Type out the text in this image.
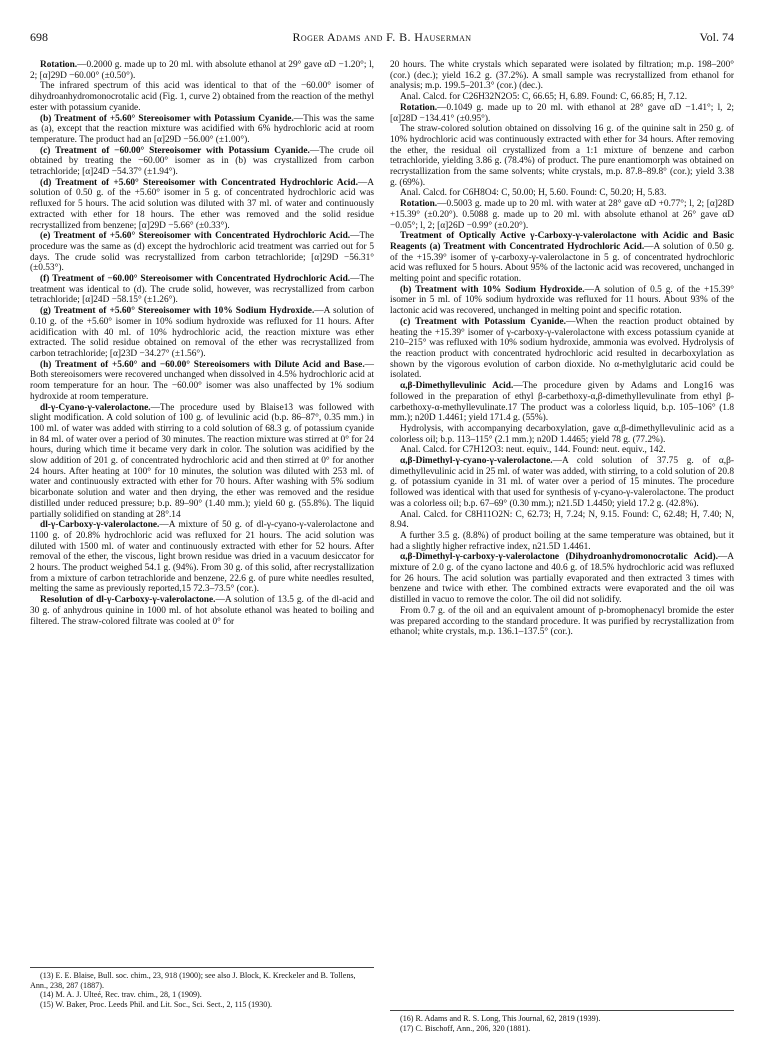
698	Roger Adams and F. B. Hauserman	Vol. 74

Rotation.—0.2000 g. made up to 20 ml. with absolute ethanol at 29° gave αD −1.20°; l, 2; [α]29D −60.00° (±0.50°).

The infrared spectrum of this acid was identical to that of the −60.00° isomer of dihydroanhydromonocrotalic acid (Fig. 1, curve 2) obtained from the reaction of the methyl ester with potassium cyanide.

(b) Treatment of +5.60° Stereoisomer with Potassium Cyanide.—This was the same as (a), except that the reaction mixture was acidified with 6% hydrochloric acid at room temperature. The product had an [α]29D −56.00° (±1.00°).

(c) Treatment of −60.00° Stereoisomer with Potassium Cyanide.—The crude oil obtained by treating the −60.00° isomer as in (b) was crystallized from carbon tetrachloride; [α]24D −54.37° (±1.94°).

(d) Treatment of +5.60° Stereoisomer with Concentrated Hydrochloric Acid.—A solution of 0.50 g. of the +5.60° isomer in 5 g. of concentrated hydrochloric acid was refluxed for 5 hours. The acid solution was diluted with 37 ml. of water and continuously extracted with ether for 18 hours. The ether was removed and the solid residue recrystallized from benzene; [α]29D −5.66° (±0.33°).

(e) Treatment of +5.60° Stereoisomer with Concentrated Hydrochloric Acid.—The procedure was the same as (d) except the hydrochloric acid treatment was carried out for 5 days. The crude solid was recrystallized from carbon tetrachloride; [α]29D −56.31° (±0.53°).

(f) Treatment of −60.00° Stereoisomer with Concentrated Hydrochloric Acid.—The treatment was identical to (d). The crude solid, however, was recrystallized from carbon tetrachloride; [α]24D −58.15° (±1.26°).

(g) Treatment of +5.60° Stereoisomer with 10% Sodium Hydroxide.—A solution of 0.10 g. of the +5.60° isomer in 10% sodium hydroxide was refluxed for 11 hours. After acidification with 40 ml. of 10% hydrochloric acid, the reaction mixture was ether extracted. The solid residue obtained on removal of the ether was recrystallized from carbon tetrachloride; [α]23D −34.27° (±1.56°).

(h) Treatment of +5.60° and −60.00° Stereoisomers with Dilute Acid and Base.—Both stereoisomers were recovered unchanged when dissolved in 4.5% hydrochloric acid at room temperature for an hour. The −60.00° isomer was also unaffected by 1% sodium hydroxide at room temperature.

dl-γ-Cyano-γ-valerolactone.—The procedure used by Blaise13 was followed with slight modification. A cold solution of 100 g. of levulinic acid (b.p. 86–87°, 0.35 mm.) in 100 ml. of water was added with stirring to a cold solution of 68.3 g. of potassium cyanide in 84 ml. of water over a period of 30 minutes. The reaction mixture was stirred at 0° for 24 hours, during which time it became very dark in color. The solution was acidified by the slow addition of 201 g. of concentrated hydrochloric acid and then stirred at 0° for another 24 hours. After heating at 100° for 10 minutes, the solution was diluted with 253 ml. of water and continuously extracted with ether for 70 hours. After washing with 5% sodium bicarbonate solution and water and then drying, the ether was removed and the residue distilled under reduced pressure; b.p. 89–90° (1.40 mm.); yield 60 g. (55.8%). The liquid partially solidified on standing at 28°.14

dl-γ-Carboxy-γ-valerolactone.—A mixture of 50 g. of dl-γ-cyano-γ-valerolactone and 1100 g. of 20.8% hydrochloric acid was refluxed for 21 hours. The acid solution was diluted with 1500 ml. of water and continuously extracted with ether for 52 hours. After removal of the ether, the viscous, light brown residue was dried in a vacuum desiccator for 2 hours. The product weighed 54.1 g. (94%). From 30 g. of this solid, after recrystallization from a mixture of carbon tetrachloride and benzene, 22.6 g. of pure white needles resulted, melting the same as previously reported,15 72.3–73.5° (cor.).

Resolution of dl-γ-Carboxy-γ-valerolactone.—A solution of 13.5 g. of the dl-acid and 30 g. of anhydrous quinine in 1000 ml. of hot absolute ethanol was heated to boiling and filtered. The straw-colored filtrate was cooled at 0° for

20 hours. The white crystals which separated were isolated by filtration; m.p. 198–200° (cor.) (dec.); yield 16.2 g. (37.2%). A small sample was recrystallized from ethanol for analysis; m.p. 199.5–201.3° (cor.) (dec.).

Anal. Calcd. for C26H32N2O5: C, 66.65; H, 6.89. Found: C, 66.85; H, 7.12.

Rotation.—0.1049 g. made up to 20 ml. with ethanol at 28° gave αD −1.41°; l, 2; [α]28D −134.41° (±0.95°).

The straw-colored solution obtained on dissolving 16 g. of the quinine salt in 250 g. of 10% hydrochloric acid was continuously extracted with ether for 34 hours. After removing the ether, the residual oil crystallized from a 1:1 mixture of benzene and carbon tetrachloride, yielding 3.86 g. (78.4%) of product. The pure enantiomorph was obtained on recrystallization from the same solvents; white crystals, m.p. 87.8–89.8° (cor.); yield 3.38 g. (69%).

Anal. Calcd. for C6H8O4: C, 50.00; H, 5.60. Found: C, 50.20; H, 5.83.

Rotation.—0.5003 g. made up to 20 ml. with water at 28° gave αD +0.77°; l, 2; [α]28D +15.39° (±0.20°). 0.5088 g. made up to 20 ml. with absolute ethanol at 26° gave αD −0.05°; l, 2; [α]26D −0.99° (±0.20°).

Treatment of Optically Active γ-Carboxy-γ-valerolactone with Acidic and Basic Reagents (a) Treatment with Concentrated Hydrochloric Acid.—A solution of 0.50 g. of the +15.39° isomer of γ-carboxy-γ-valerolactone in 5 g. of concentrated hydrochloric acid was refluxed for 5 hours. About 95% of the lactonic acid was recovered, unchanged in melting point and specific rotation.

(b) Treatment with 10% Sodium Hydroxide.—A solution of 0.5 g. of the +15.39° isomer in 5 ml. of 10% sodium hydroxide was refluxed for 11 hours. About 93% of the lactonic acid was recovered, unchanged in melting point and specific rotation.

(c) Treatment with Potassium Cyanide.—When the reaction product obtained by heating the +15.39° isomer of γ-carboxy-γ-valerolactone with excess potassium cyanide at 210–215° was refluxed with 10% sodium hydroxide, ammonia was evolved. Hydrolysis of the reaction product with concentrated hydrochloric acid resulted in decarboxylation as shown by the vigorous evolution of carbon dioxide. No α-methylglutaric acid could be isolated.

α,β-Dimethyllevulinic Acid.—The procedure given by Adams and Long16 was followed in the preparation of ethyl β-carbethoxy-α,β-dimethyllevulinate from ethyl β-carbethoxy-α-methyllevulinate.17 The product was a colorless liquid, b.p. 105–106° (1.8 mm.); n20D 1.4461; yield 171.4 g. (55%).

Hydrolysis, with accompanying decarboxylation, gave α,β-dimethyllevulinic acid as a colorless oil; b.p. 113–115° (2.1 mm.); n20D 1.4465; yield 78 g. (77.2%).

Anal. Calcd. for C7H12O3: neut. equiv., 144. Found: neut. equiv., 142.

α,β-Dimethyl-γ-cyano-γ-valerolactone.—A cold solution of 37.75 g. of α,β-dimethyllevulinic acid in 25 ml. of water was added, with stirring, to a cold solution of 20.8 g. of potassium cyanide in 31 ml. of water over a period of 15 minutes. The procedure followed was identical with that used for synthesis of γ-cyano-γ-valerolactone. The product was a colorless oil; b.p. 67–69° (0.30 mm.); n21.5D 1.4450; yield 17.2 g. (42.8%).

Anal. Calcd. for C8H11O2N: C, 62.73; H, 7.24; N, 9.15. Found: C, 62.48; H, 7.40; N, 8.94.

A further 3.5 g. (8.8%) of product boiling at the same temperature was obtained, but it had a slightly higher refractive index, n21.5D 1.4461.

α,β-Dimethyl-γ-carboxy-γ-valerolactone (Dihydroanhydromonocrotalic Acid).—A mixture of 2.0 g. of the cyano lactone and 40.6 g. of 18.5% hydrochloric acid was refluxed for 26 hours. The acid solution was partially evaporated and then extracted 3 times with benzene and twice with ether. The combined extracts were evaporated and the oil was distilled in vacuo to remove the color. The oil did not solidify.

From 0.7 g. of the oil and an equivalent amount of p-bromophenacyl bromide the ester was prepared according to the standard procedure. It was purified by recrystallization from ethanol; white crystals, m.p. 136.1–137.5° (cor.).

(13) E. E. Blaise, Bull. soc. chim., 23, 918 (1900); see also J. Block, K. Kreckeler and B. Tollens, Ann., 238, 287 (1887).
(14) M. A. J. Ulteé, Rec. trav. chim., 28, 1 (1909).
(15) W. Baker, Proc. Leeds Phil. and Lit. Soc., Sci. Sect., 2, 115 (1930).
(16) R. Adams and R. S. Long, This Journal, 62, 2819 (1939).
(17) C. Bischoff, Ann., 206, 320 (1881).
